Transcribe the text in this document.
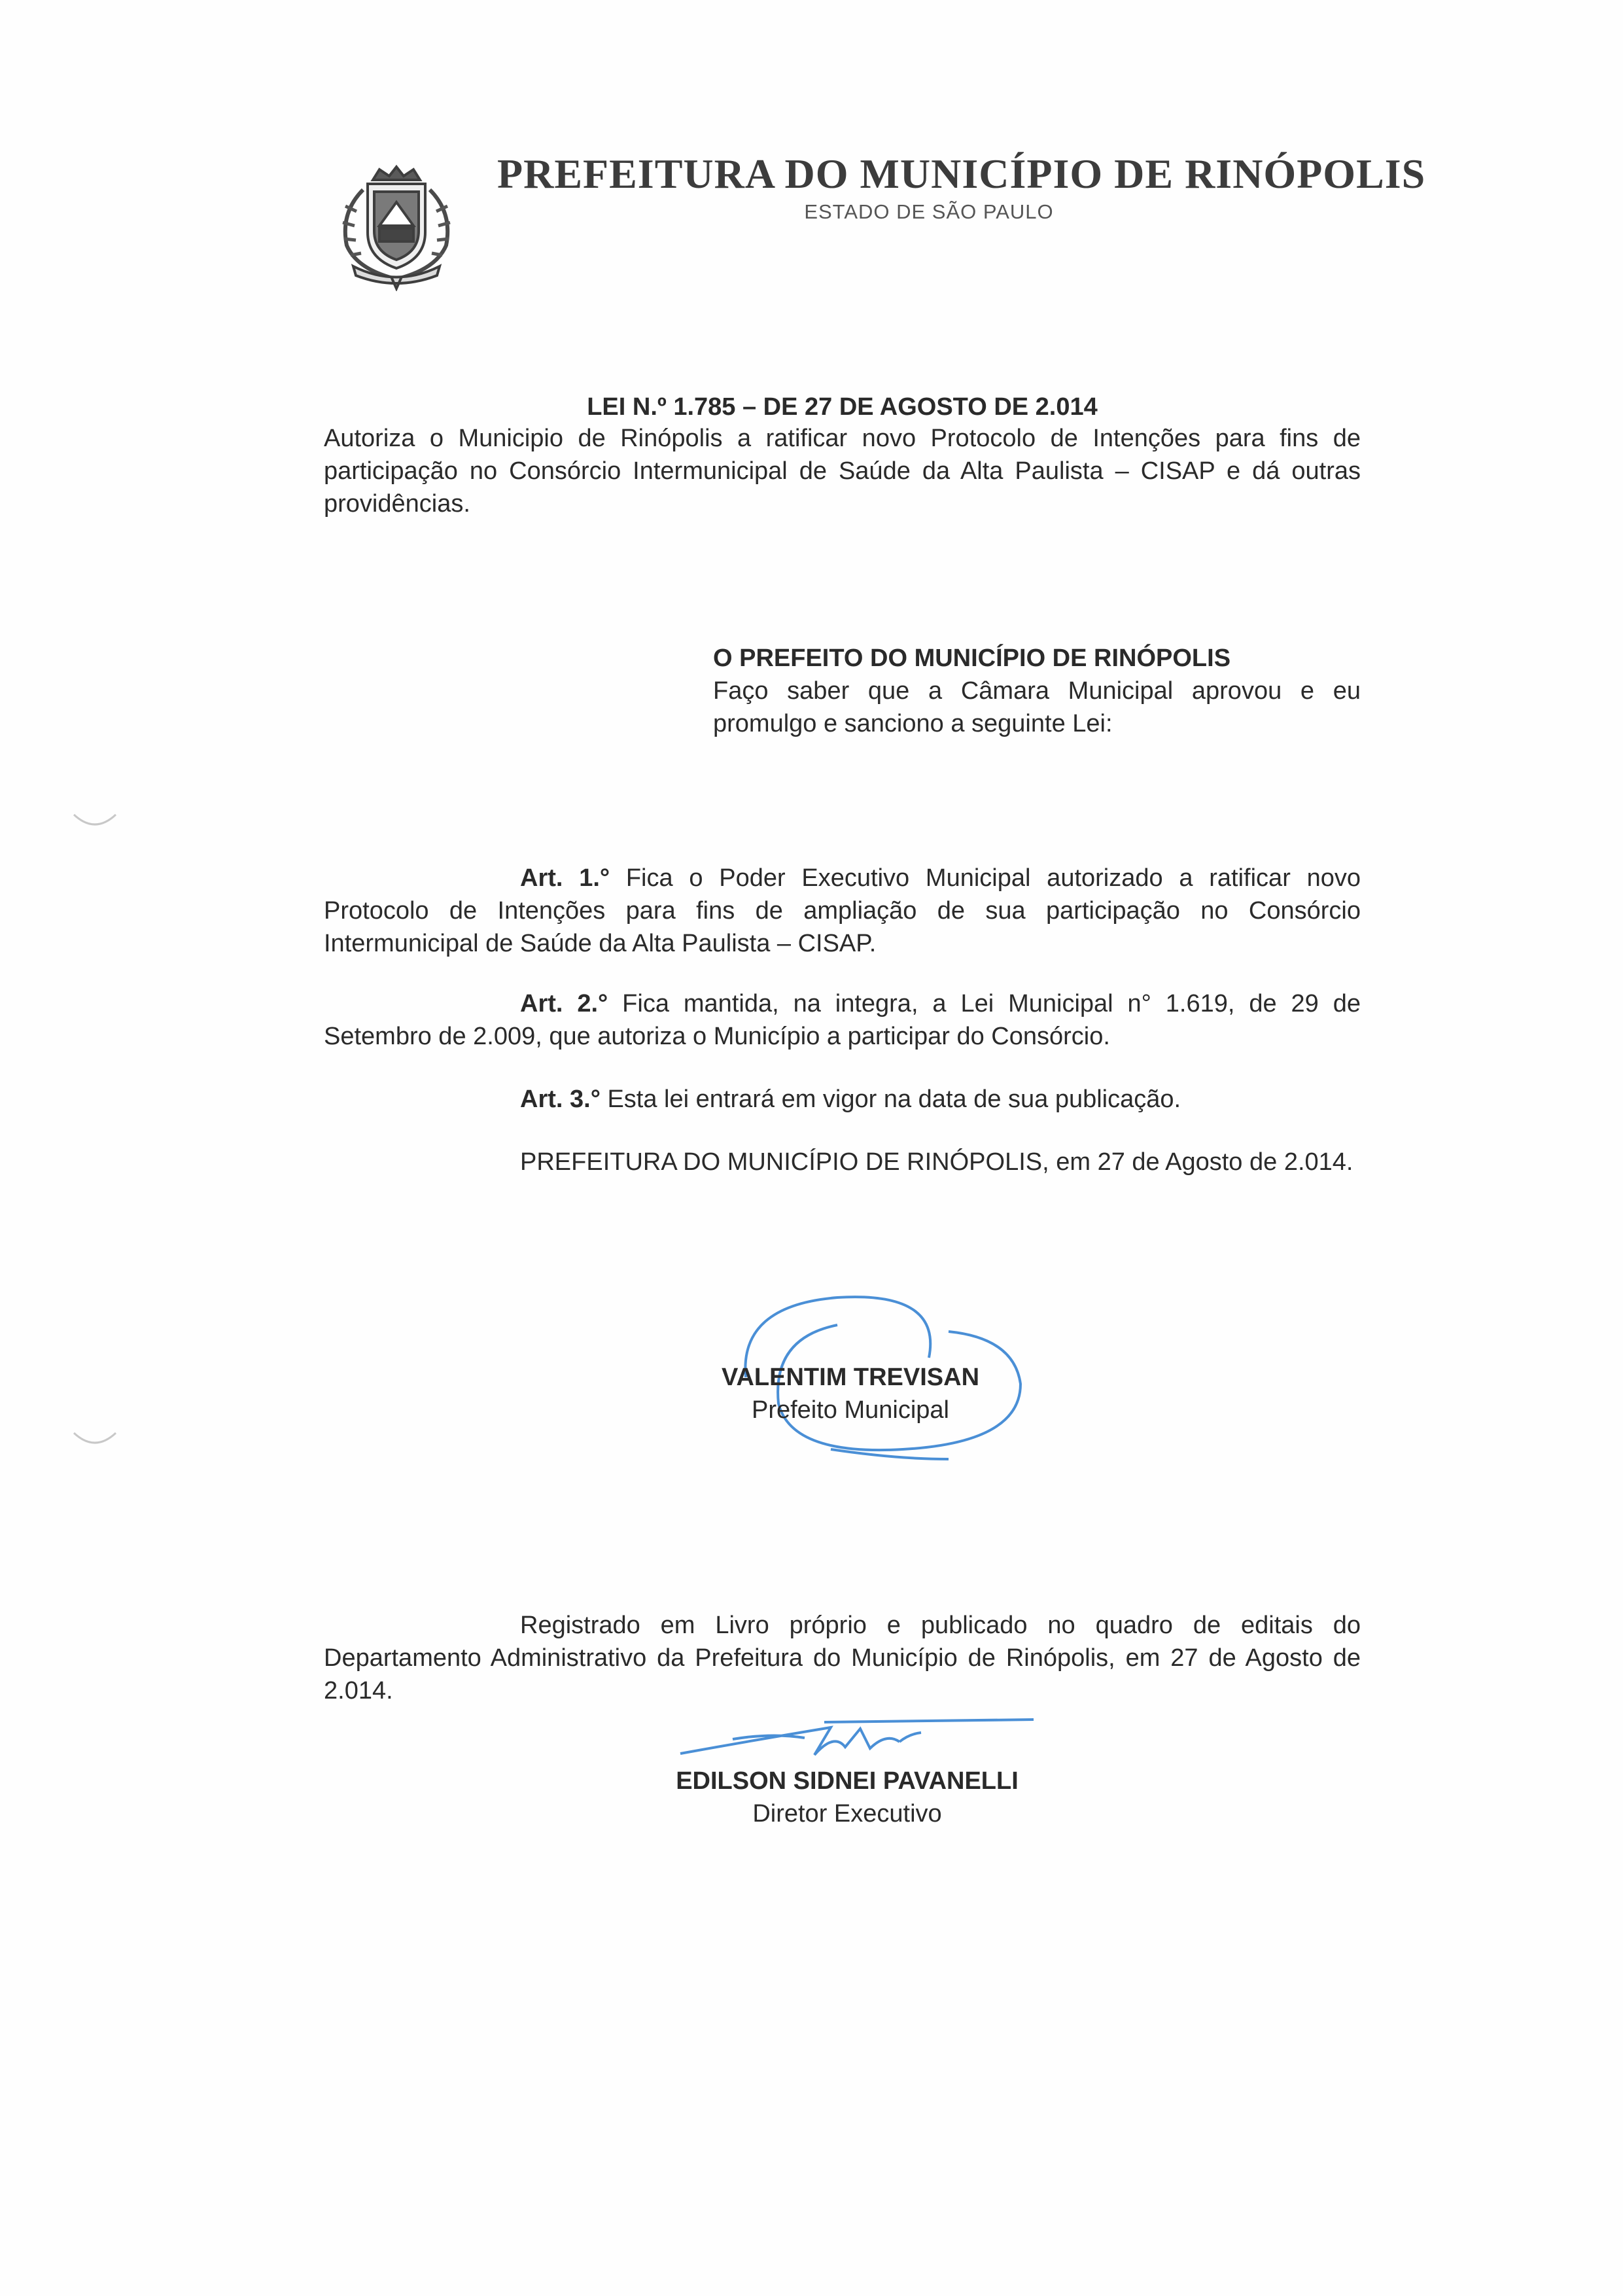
PREFEITURA DO MUNICÍPIO DE RINÓPOLIS
ESTADO DE SÃO PAULO
LEI N.º 1.785 – DE 27 DE AGOSTO DE 2.014
Autoriza o Municipio de Rinópolis a ratificar novo Protocolo de Intenções para fins de participação no Consórcio Intermunicipal de Saúde da Alta Paulista – CISAP e dá outras providências.
O PREFEITO DO MUNICÍPIO DE RINÓPOLIS
Faço saber que a Câmara Municipal aprovou e eu promulgo e sanciono a seguinte Lei:
Art. 1.° Fica o Poder Executivo Municipal autorizado a ratificar novo Protocolo de Intenções para fins de ampliação de sua participação no Consórcio Intermunicipal de Saúde da Alta Paulista – CISAP.
Art. 2.° Fica mantida, na integra, a Lei Municipal n° 1.619, de 29 de Setembro de 2.009, que autoriza o Município a participar do Consórcio.
Art. 3.° Esta lei entrará em vigor na data de sua publicação.
PREFEITURA DO MUNICÍPIO DE RINÓPOLIS, em 27 de Agosto de 2.014.
VALENTIM TREVISAN
Prefeito Municipal
Registrado em Livro próprio e publicado no quadro de editais do Departamento Administrativo da Prefeitura do Município de Rinópolis, em 27 de Agosto de 2.014.
EDILSON SIDNEI PAVANELLI
Diretor Executivo
